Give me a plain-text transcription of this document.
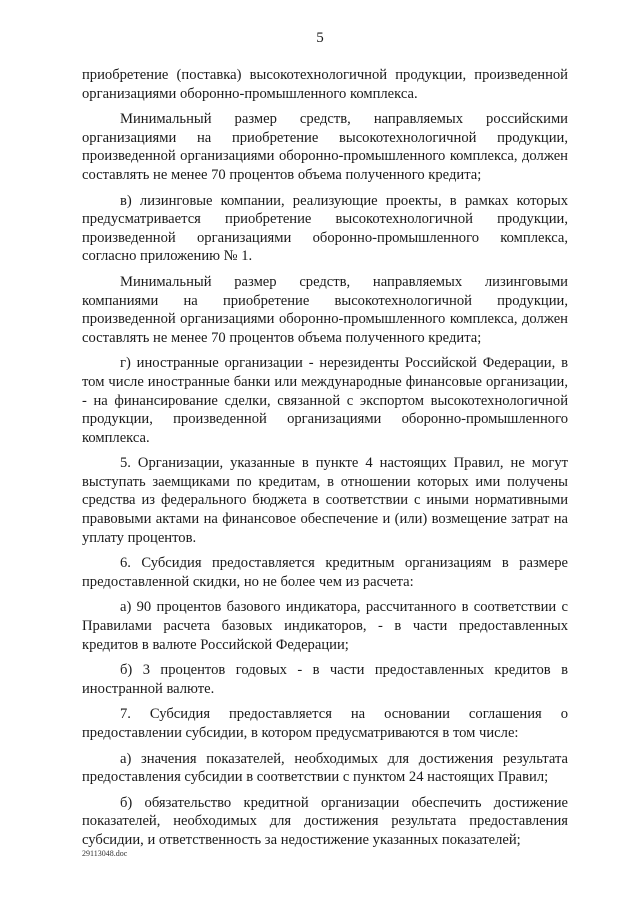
5

приобретение (поставка) высокотехнологичной продукции, произведенной организациями оборонно-промышленного комплекса.

Минимальный размер средств, направляемых российскими организациями на приобретение высокотехнологичной продукции, произведенной организациями оборонно-промышленного комплекса, должен составлять не менее 70 процентов объема полученного кредита;

в) лизинговые компании, реализующие проекты, в рамках которых предусматривается приобретение высокотехнологичной продукции, произведенной организациями оборонно-промышленного комплекса, согласно приложению № 1.

Минимальный размер средств, направляемых лизинговыми компаниями на приобретение высокотехнологичной продукции, произведенной организациями оборонно-промышленного комплекса, должен составлять не менее 70 процентов объема полученного кредита;

г) иностранные организации - нерезиденты Российской Федерации, в том числе иностранные банки или международные финансовые организации, - на финансирование сделки, связанной с экспортом высокотехнологичной продукции, произведенной организациями оборонно-промышленного комплекса.

5. Организации, указанные в пункте 4 настоящих Правил, не могут выступать заемщиками по кредитам, в отношении которых ими получены средства из федерального бюджета в соответствии с иными нормативными правовыми актами на финансовое обеспечение и (или) возмещение затрат на уплату процентов.

6. Субсидия предоставляется кредитным организациям в размере предоставленной скидки, но не более чем из расчета:

а) 90 процентов базового индикатора, рассчитанного в соответствии с Правилами расчета базовых индикаторов, - в части предоставленных кредитов в валюте Российской Федерации;

б) 3 процентов годовых - в части предоставленных кредитов в иностранной валюте.

7. Субсидия предоставляется на основании соглашения о предоставлении субсидии, в котором предусматриваются в том числе:

а) значения показателей, необходимых для достижения результата предоставления субсидии в соответствии с пунктом 24 настоящих Правил;

б) обязательство кредитной организации обеспечить достижение показателей, необходимых для достижения результата предоставления субсидии, и ответственность за недостижение указанных показателей;

29113048.doc
